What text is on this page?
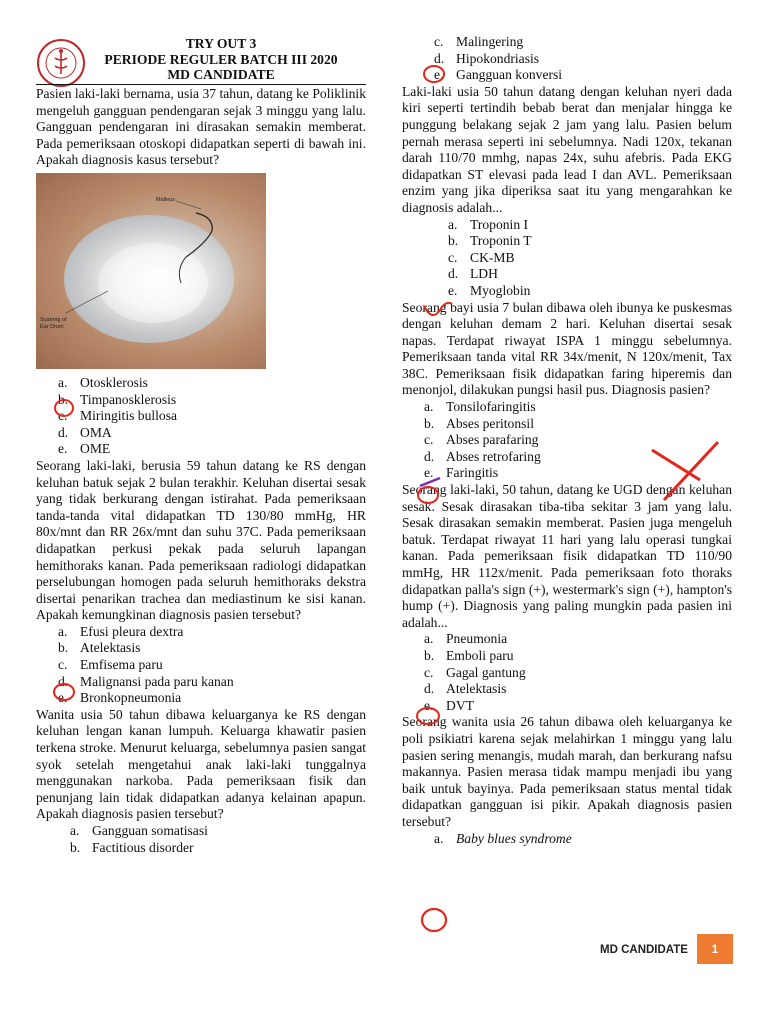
TRY OUT 3
PERIODE REGULER BATCH III 2020
MD CANDIDATE

Pasien laki-laki bernama, usia 37 tahun, datang ke Poliklinik mengeluh gangguan pendengaran sejak 3 minggu yang lalu. Gangguan pendengaran ini dirasakan semakin memberat. Pada pemeriksaan otoskopi didapatkan seperti di bawah ini. Apakah diagnosis kasus tersebut?

Malleus
Scarring of
Ear Drum
a. Otosklerosis
b. Timpanosklerosis
c. Miringitis bullosa
d. OMA
e. OME

Seorang laki-laki, berusia 59 tahun datang ke RS dengan keluhan batuk sejak 2 bulan terakhir. Keluhan disertai sesak yang tidak berkurang dengan istirahat. Pada pemeriksaan tanda-tanda vital didapatkan TD 130/80 mmHg, HR 80x/mnt dan RR 26x/mnt dan suhu 37C. Pada pemeriksaan didapatkan perkusi pekak pada seluruh lapangan hemithoraks kanan. Pada pemeriksaan radiologi didapatkan perselubungan homogen pada seluruh hemithoraks dekstra disertai penarikan trachea dan mediastinum ke sisi kanan. Apakah kemungkinan diagnosis pasien tersebut?

a. Efusi pleura dextra
b. Atelektasis
c. Emfisema paru
d. Malignansi pada paru kanan
e. Bronkopneumonia

Wanita usia 50 tahun dibawa keluarganya ke RS dengan keluhan lengan kanan lumpuh. Keluarga khawatir pasien terkena stroke. Menurut keluarga, sebelumnya pasien sangat syok setelah mengetahui anak laki-laki tunggalnya menggunakan narkoba. Pada pemeriksaan fisik dan penunjang lain tidak didapatkan adanya kelainan apapun. Apakah diagnosis pasien tersebut?

a. Gangguan somatisasi
b. Factitious disorder
c. Malingering
d. Hipokondriasis
e. Gangguan konversi

Laki-laki usia 50 tahun datang dengan keluhan nyeri dada kiri seperti tertindih bebab berat dan menjalar hingga ke punggung belakang sejak 2 jam yang lalu. Pasien belum pernah merasa seperti ini sebelumnya. Nadi 120x, tekanan darah 110/70 mmhg, napas 24x, suhu afebris. Pada EKG didapatkan ST elevasi pada lead I dan AVL. Pemeriksaan enzim yang jika diperiksa saat itu yang mengarahkan ke diagnosis adalah...

a. Troponin I
b. Troponin T
c. CK-MB
d. LDH
e. Myoglobin

Seorang bayi usia 7 bulan dibawa oleh ibunya ke puskesmas dengan keluhan demam 2 hari. Keluhan disertai sesak napas. Terdapat riwayat ISPA 1 minggu sebelumnya. Pemeriksaan tanda vital RR 34x/menit, N 120x/menit, Tax 38C. Pemeriksaan fisik didapatkan faring hiperemis dan menonjol, dilakukan pungsi hasil pus. Diagnosis pasien?

a. Tonsilofaringitis
b. Abses peritonsil
c. Abses parafaring
d. Abses retrofaring
e. Faringitis

Seorang laki-laki, 50 tahun, datang ke UGD dengan keluhan sesak. Sesak dirasakan tiba-tiba sekitar 3 jam yang lalu. Sesak dirasakan semakin memberat. Pasien juga mengeluh batuk. Terdapat riwayat 11 hari yang lalu operasi tungkai kanan. Pada pemeriksaan fisik didapatkan TD 110/90 mmHg, HR 112x/menit. Pada pemeriksaan foto thoraks didapatkan palla's sign (+), westermark's sign (+), hampton's hump (+). Diagnosis yang paling mungkin pada pasien ini adalah...

a. Pneumonia
b. Emboli paru
c. Gagal gantung
d. Atelektasis
e. DVT

Seorang wanita usia 26 tahun dibawa oleh keluarganya ke poli psikiatri karena sejak melahirkan 1 minggu yang lalu pasien sering menangis, mudah marah, dan berkurang nafsu makannya. Pasien merasa tidak mampu menjadi ibu yang baik untuk bayinya. Pada pemeriksaan status mental tidak didapatkan gangguan isi pikir. Apakah diagnosis pasien tersebut?

a. Baby blues syndrome
MD CANDIDATE	1
